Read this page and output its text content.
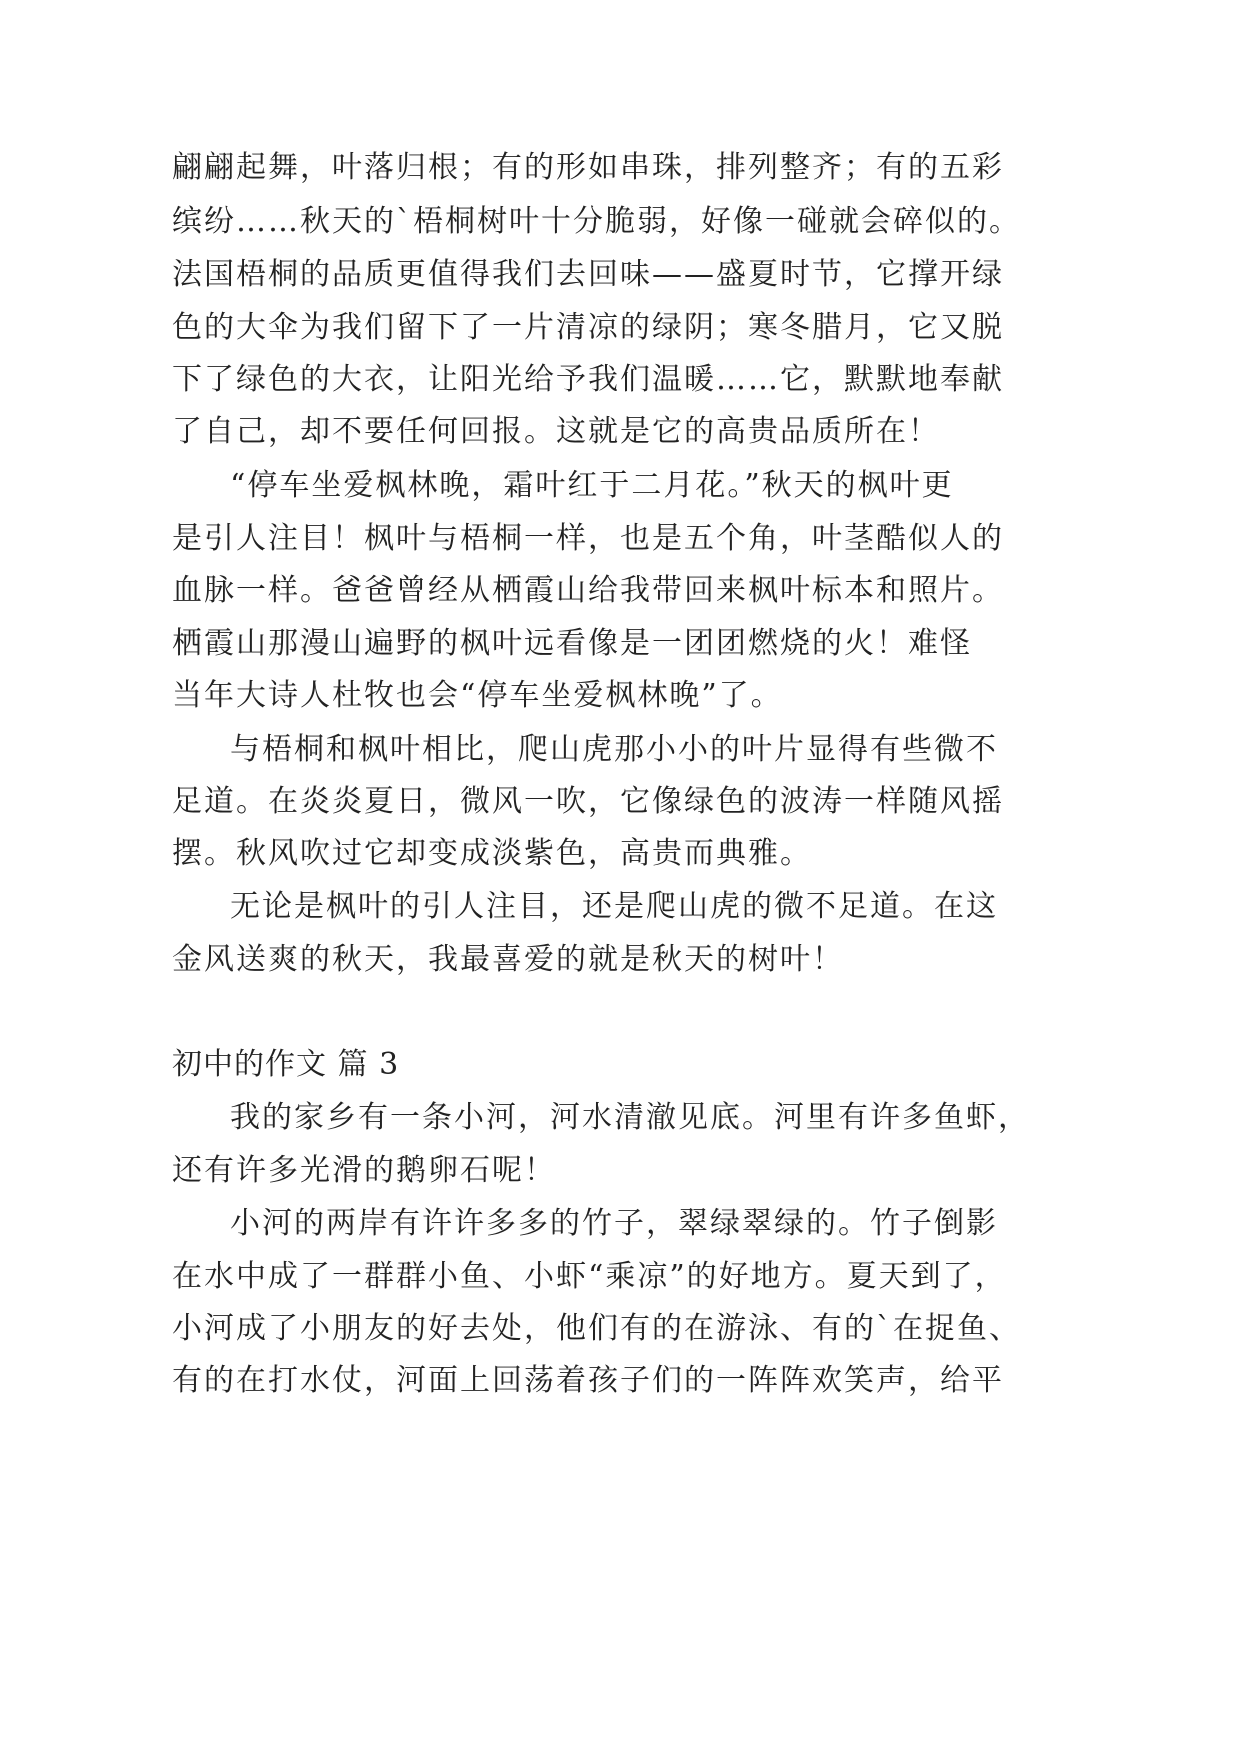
翩翩起舞，叶落归根；有的形如串珠，排列整齐；有的五彩
缤纷……秋天的`梧桐树叶十分脆弱，好像一碰就会碎似的。
法国梧桐的品质更值得我们去回味——盛夏时节，它撑开绿
色的大伞为我们留下了一片清凉的绿阴；寒冬腊月，它又脱
下了绿色的大衣，让阳光给予我们温暖……它，默默地奉献
了自己，却不要任何回报。这就是它的高贵品质所在！
“停车坐爱枫林晚，霜叶红于二月花。”秋天的枫叶更
是引人注目！枫叶与梧桐一样，也是五个角，叶茎酷似人的
血脉一样。爸爸曾经从栖霞山给我带回来枫叶标本和照片。
栖霞山那漫山遍野的枫叶远看像是一团团燃烧的火！难怪
当年大诗人杜牧也会“停车坐爱枫林晚”了。
与梧桐和枫叶相比，爬山虎那小小的叶片显得有些微不
足道。在炎炎夏日，微风一吹，它像绿色的波涛一样随风摇
摆。秋风吹过它却变成淡紫色，高贵而典雅。
无论是枫叶的引人注目，还是爬山虎的微不足道。在这
金风送爽的秋天，我最喜爱的就是秋天的树叶！
初中的作文 篇 3
我的家乡有一条小河，河水清澈见底。河里有许多鱼虾，
还有许多光滑的鹅卵石呢！
小河的两岸有许许多多的竹子，翠绿翠绿的。竹子倒影
在水中成了一群群小鱼、小虾“乘凉”的好地方。夏天到了，
小河成了小朋友的好去处，他们有的在游泳、有的`在捉鱼、
有的在打水仗，河面上回荡着孩子们的一阵阵欢笑声，给平
